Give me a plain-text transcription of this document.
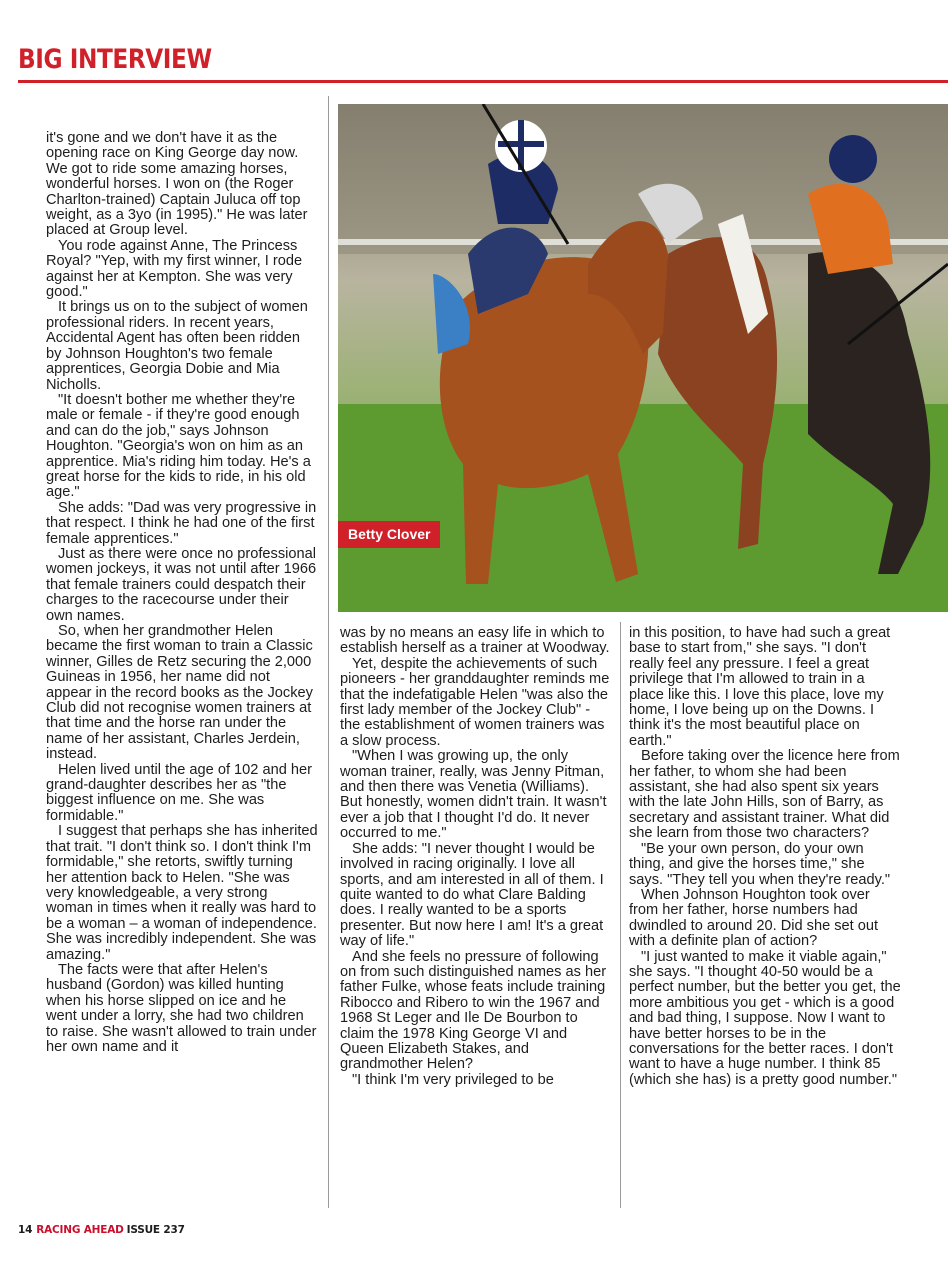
BIG INTERVIEW

it's gone and we don't have it as the opening race on King George day now. We got to ride some amazing horses, wonderful horses. I won on (the Roger Charlton-trained) Captain Juluca off top weight, as a 3yo (in 1995)." He was later placed at Group level.

You rode against Anne, The Princess Royal? "Yep, with my first winner, I rode against her at Kempton. She was very good."

It brings us on to the subject of women professional riders. In recent years, Accidental Agent has often been ridden by Johnson Houghton's two female apprentices, Georgia Dobie and Mia Nicholls.

"It doesn't bother me whether they're male or female - if they're good enough and can do the job," says Johnson Houghton. "Georgia's won on him as an apprentice. Mia's riding him today. He's a great horse for the kids to ride, in his old age."

She adds: "Dad was very progressive in that respect. I think he had one of the first female apprentices."

Just as there were once no professional women jockeys, it was not until after 1966 that female trainers could despatch their charges to the racecourse under their own names.

So, when her grandmother Helen became the first woman to train a Classic winner, Gilles de Retz securing the 2,000 Guineas in 1956, her name did not appear in the record books as the Jockey Club did not recognise women trainers at that time and the horse ran under the name of her assistant, Charles Jerdein, instead.

Helen lived until the age of 102 and her grand-daughter describes her as "the biggest influence on me. She was formidable."

I suggest that perhaps she has inherited that trait. "I don't think so. I don't think I'm formidable," she retorts, swiftly turning her attention back to Helen. "She was very knowledgeable, a very strong woman in times when it really was hard to be a woman – a woman of independence. She was incredibly independent. She was amazing."

The facts were that after Helen's husband (Gordon) was killed hunting when his horse slipped on ice and he went under a lorry, she had two children to raise. She wasn't allowed to train under her own name and it

Betty Clover

was by no means an easy life in which to establish herself as a trainer at Woodway.

Yet, despite the achievements of such pioneers - her granddaughter reminds me that the indefatigable Helen "was also the first lady member of the Jockey Club" - the establishment of women trainers was a slow process.

"When I was growing up, the only woman trainer, really, was Jenny Pitman, and then there was Venetia (Williams). But honestly, women didn't train. It wasn't ever a job that I thought I'd do. It never occurred to me."

She adds: "I never thought I would be involved in racing originally. I love all sports, and am interested in all of them. I quite wanted to do what Clare Balding does. I really wanted to be a sports presenter. But now here I am! It's a great way of life."

And she feels no pressure of following on from such distinguished names as her father Fulke, whose feats include training Ribocco and Ribero to win the 1967 and 1968 St Leger and Ile De Bourbon to claim the 1978 King George VI and Queen Elizabeth Stakes, and grandmother Helen?

"I think I'm very privileged to be

in this position, to have had such a great base to start from," she says. "I don't really feel any pressure. I feel a great privilege that I'm allowed to train in a place like this. I love this place, love my home, I love being up on the Downs. I think it's the most beautiful place on earth."

Before taking over the licence here from her father, to whom she had been assistant, she had also spent six years with the late John Hills, son of Barry, as secretary and assistant trainer. What did she learn from those two characters?

"Be your own person, do your own thing, and give the horses time," she says. "They tell you when they're ready."

When Johnson Houghton took over from her father, horse numbers had dwindled to around 20. Did she set out with a definite plan of action?

"I just wanted to make it viable again," she says. "I thought 40-50 would be a perfect number, but the better you get, the more ambitious you get - which is a good and bad thing, I suppose. Now I want to have better horses to be in the conversations for the better races. I don't want to have a huge number. I think 85 (which she has) is a pretty good number."

14 RACING AHEAD ISSUE 237
